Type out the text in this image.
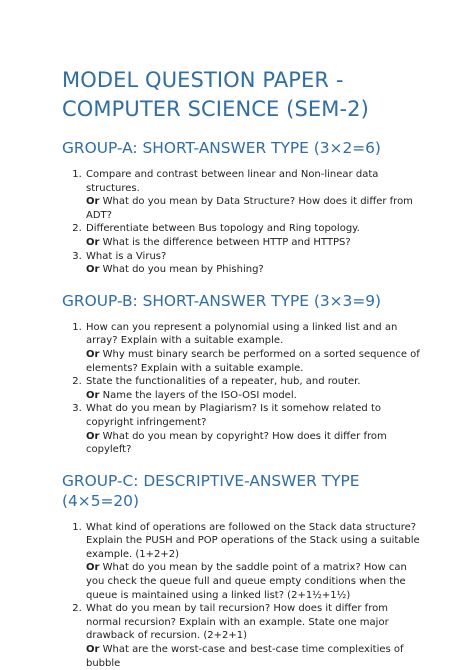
MODEL QUESTION PAPER - COMPUTER SCIENCE (SEM-2)
GROUP-A: SHORT-ANSWER TYPE (3×2=6)
1. Compare and contrast between linear and Non-linear data structures.
Or What do you mean by Data Structure? How does it differ from ADT?
2. Differentiate between Bus topology and Ring topology.
Or What is the difference between HTTP and HTTPS?
3. What is a Virus?
Or What do you mean by Phishing?
GROUP-B: SHORT-ANSWER TYPE (3×3=9)
1. How can you represent a polynomial using a linked list and an array? Explain with a suitable example.
Or Why must binary search be performed on a sorted sequence of elements? Explain with a suitable example.
2. State the functionalities of a repeater, hub, and router.
Or Name the layers of the ISO-OSI model.
3. What do you mean by Plagiarism? Is it somehow related to copyright infringement?
Or What do you mean by copyright? How does it differ from copyleft?
GROUP-C: DESCRIPTIVE-ANSWER TYPE (4×5=20)
1. What kind of operations are followed on the Stack data structure? Explain the PUSH and POP operations of the Stack using a suitable example. (1+2+2)
Or What do you mean by the saddle point of a matrix? How can you check the queue full and queue empty conditions when the queue is maintained using a linked list? (2+1½+1½)
2. What do you mean by tail recursion? How does it differ from normal recursion? Explain with an example. State one major drawback of recursion. (2+2+1)
Or What are the worst-case and best-case time complexities of bubble
